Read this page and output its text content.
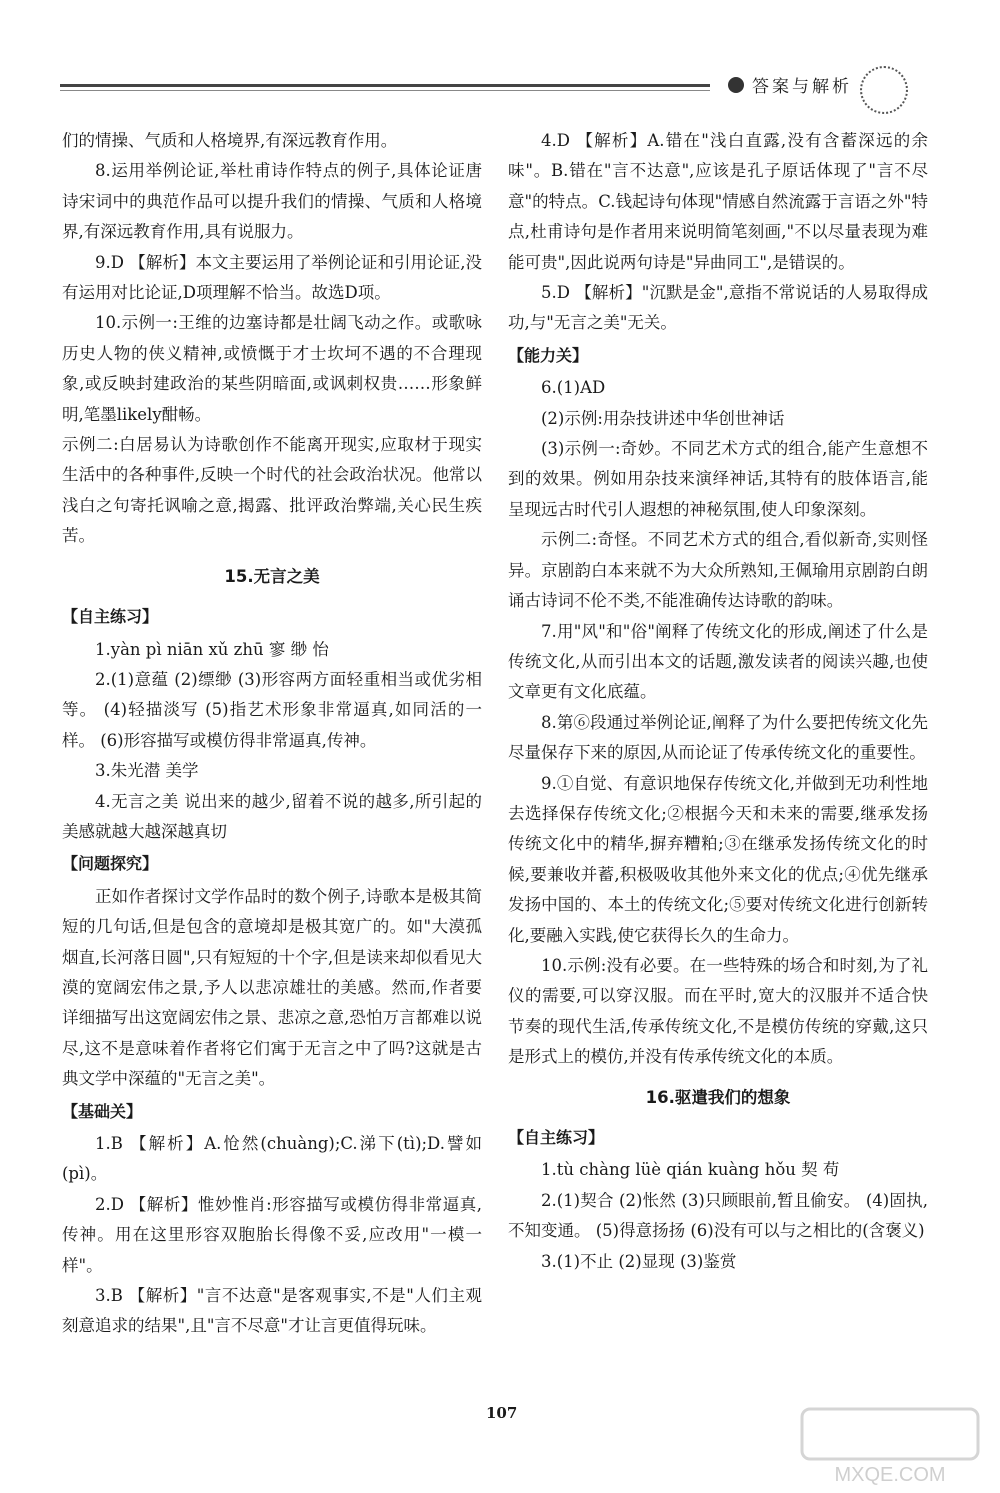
答案与解析

们的情操、气质和人格境界,有深远教育作用。

8.运用举例论证,举杜甫诗作特点的例子,具体论证唐诗宋词中的典范作品可以提升我们的情操、气质和人格境界,有深远教育作用,具有说服力。

9.D 【解析】本文主要运用了举例论证和引用论证,没有运用对比论证,D项理解不恰当。故选D项。

10.示例一:王维的边塞诗都是壮阔飞动之作。或歌咏历史人物的侠义精神,或愤慨于才士坎坷不遇的不合理现象,或反映封建政治的某些阴暗面,或讽刺权贵……形象鲜明,笔墨likely酣畅。

示例二:白居易认为诗歌创作不能离开现实,应取材于现实生活中的各种事件,反映一个时代的社会政治状况。他常以浅白之句寄托讽喻之意,揭露、批评政治弊端,关心民生疾苦。

15.无言之美
【自主练习】

1.yàn pì niān xǔ zhū 寥 缈 怡

2.(1)意蕴 (2)缥缈 (3)形容两方面轻重相当或优劣相等。 (4)轻描淡写 (5)指艺术形象非常逼真,如同活的一样。 (6)形容描写或模仿得非常逼真,传神。

3.朱光潜 美学

4.无言之美 说出来的越少,留着不说的越多,所引起的美感就越大越深越真切

【问题探究】

正如作者探讨文学作品时的数个例子,诗歌本是极其简短的几句话,但是包含的意境却是极其宽广的。如"大漠孤烟直,长河落日圆",只有短短的十个字,但是读来却似看见大漠的宽阔宏伟之景,予人以悲凉雄壮的美感。然而,作者要详细描写出这宽阔宏伟之景、悲凉之意,恐怕万言都难以说尽,这不是意味着作者将它们寓于无言之中了吗?这就是古典文学中深蕴的"无言之美"。

【基础关】

1.B 【解析】A.怆然(chuàng);C.涕下(tì);D.譬如(pì)。

2.D 【解析】惟妙惟肖:形容描写或模仿得非常逼真,传神。用在这里形容双胞胎长得像不妥,应改用"一模一样"。

3.B 【解析】"言不达意"是客观事实,不是"人们主观刻意追求的结果",且"言不尽意"才让言更值得玩味。

4.D 【解析】A.错在"浅白直露,没有含蓄深远的余味"。B.错在"言不达意",应该是孔子原话体现了"言不尽意"的特点。C.钱起诗句体现"情感自然流露于言语之外"特点,杜甫诗句是作者用来说明简笔刻画,"不以尽量表现为难能可贵",因此说两句诗是"异曲同工",是错误的。

5.D 【解析】"沉默是金",意指不常说话的人易取得成功,与"无言之美"无关。

【能力关】

6.(1)AD

(2)示例:用杂技讲述中华创世神话

(3)示例一:奇妙。不同艺术方式的组合,能产生意想不到的效果。例如用杂技来演绎神话,其特有的肢体语言,能呈现远古时代引人遐想的神秘氛围,使人印象深刻。

示例二:奇怪。不同艺术方式的组合,看似新奇,实则怪异。京剧韵白本来就不为大众所熟知,王佩瑜用京剧韵白朗诵古诗词不伦不类,不能准确传达诗歌的韵味。

7.用"风"和"俗"阐释了传统文化的形成,阐述了什么是传统文化,从而引出本文的话题,激发读者的阅读兴趣,也使文章更有文化底蕴。

8.第⑥段通过举例论证,阐释了为什么要把传统文化先尽量保存下来的原因,从而论证了传承传统文化的重要性。

9.①自觉、有意识地保存传统文化,并做到无功利性地去选择保存传统文化;②根据今天和未来的需要,继承发扬传统文化中的精华,摒弃糟粕;③在继承发扬传统文化的时候,要兼收并蓄,积极吸收其他外来文化的优点;④优先继承发扬中国的、本土的传统文化;⑤要对传统文化进行创新转化,要融入实践,使它获得长久的生命力。

10.示例:没有必要。在一些特殊的场合和时刻,为了礼仪的需要,可以穿汉服。而在平时,宽大的汉服并不适合快节奏的现代生活,传承传统文化,不是模仿传统的穿戴,这只是形式上的模仿,并没有传承传统文化的本质。

16.驱遣我们的想象
【自主练习】

1.tù chàng lüè qián kuàng hǒu 契 苟

2.(1)契合 (2)怅然 (3)只顾眼前,暂且偷安。 (4)固执,不知变通。 (5)得意扬扬 (6)没有可以与之相比的(含褒义)

3.(1)不止 (2)显现 (3)鉴赏

107
MXQE.COM
